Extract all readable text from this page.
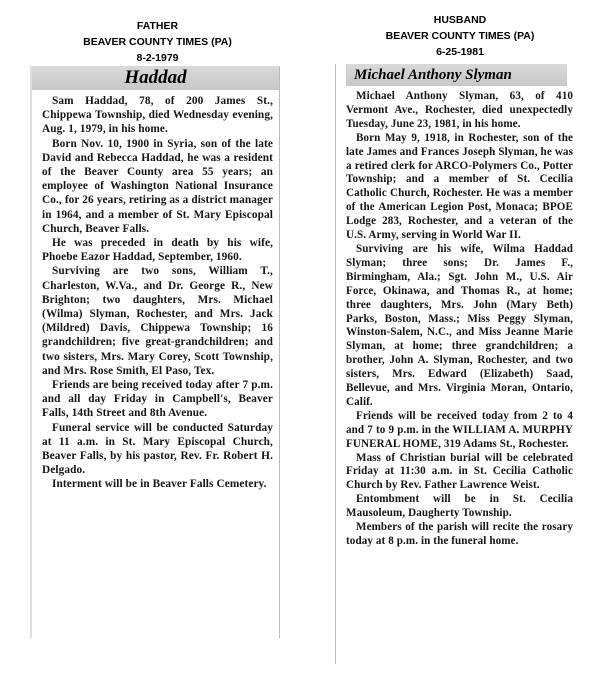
FATHER
BEAVER COUNTY TIMES (PA)
8-2-1979
HUSBAND
BEAVER COUNTY TIMES (PA)
6-25-1981
Haddad

Sam Haddad, 78, of 200 James St., Chippewa Township, died Wednesday evening, Aug. 1, 1979, in his home.

Born Nov. 10, 1900 in Syria, son of the late David and Rebecca Haddad, he was a resident of the Beaver County area 55 years; an employee of Washington National Insurance Co., for 26 years, retiring as a district manager in 1964, and a member of St. Mary Episcopal Church, Beaver Falls.

He was preceded in death by his wife, Phoebe Eazor Haddad, September, 1960.

Surviving are two sons, William T., Charleston, W.Va., and Dr. George R., New Brighton; two daughters, Mrs. Michael (Wilma) Slyman, Rochester, and Mrs. Jack (Mildred) Davis, Chippewa Township; 16 grandchildren; five great-grandchildren; and two sisters, Mrs. Mary Corey, Scott Township, and Mrs. Rose Smith, El Paso, Tex.

Friends are being received today after 7 p.m. and all day Friday in Campbell's, Beaver Falls, 14th Street and 8th Avenue.

Funeral service will be conducted Saturday at 11 a.m. in St. Mary Episcopal Church, Beaver Falls, by his pastor, Rev. Fr. Robert H. Delgado.

Interment will be in Beaver Falls Cemetery.

Michael Anthony Slyman

Michael Anthony Slyman, 63, of 410 Vermont Ave., Rochester, died unexpectedly Tuesday, June 23, 1981, in his home.

Born May 9, 1918, in Rochester, son of the late James and Frances Joseph Slyman, he was a retired clerk for ARCO-Polymers Co., Potter Township; and a member of St. Cecilia Catholic Church, Rochester. He was a member of the American Legion Post, Monaca; BPOE Lodge 283, Rochester, and a veteran of the U.S. Army, serving in World War II.

Surviving are his wife, Wilma Haddad Slyman; three sons; Dr. James F., Birmingham, Ala.; Sgt. John M., U.S. Air Force, Okinawa, and Thomas R., at home; three daughters, Mrs. John (Mary Beth) Parks, Boston, Mass.; Miss Peggy Slyman, Winston-Salem, N.C., and Miss Jeanne Marie Slyman, at home; three grandchildren; a brother, John A. Slyman, Rochester, and two sisters, Mrs. Edward (Elizabeth) Saad, Bellevue, and Mrs. Virginia Moran, Ontario, Calif.

Friends will be received today from 2 to 4 and 7 to 9 p.m. in the WILLIAM A. MURPHY FUNERAL HOME, 319 Adams St., Rochester.

Mass of Christian burial will be celebrated Friday at 11:30 a.m. in St. Cecilia Catholic Church by Rev. Father Lawrence Weist.

Entombment will be in St. Cecilia Mausoleum, Daugherty Township.

Members of the parish will recite the rosary today at 8 p.m. in the funeral home.
